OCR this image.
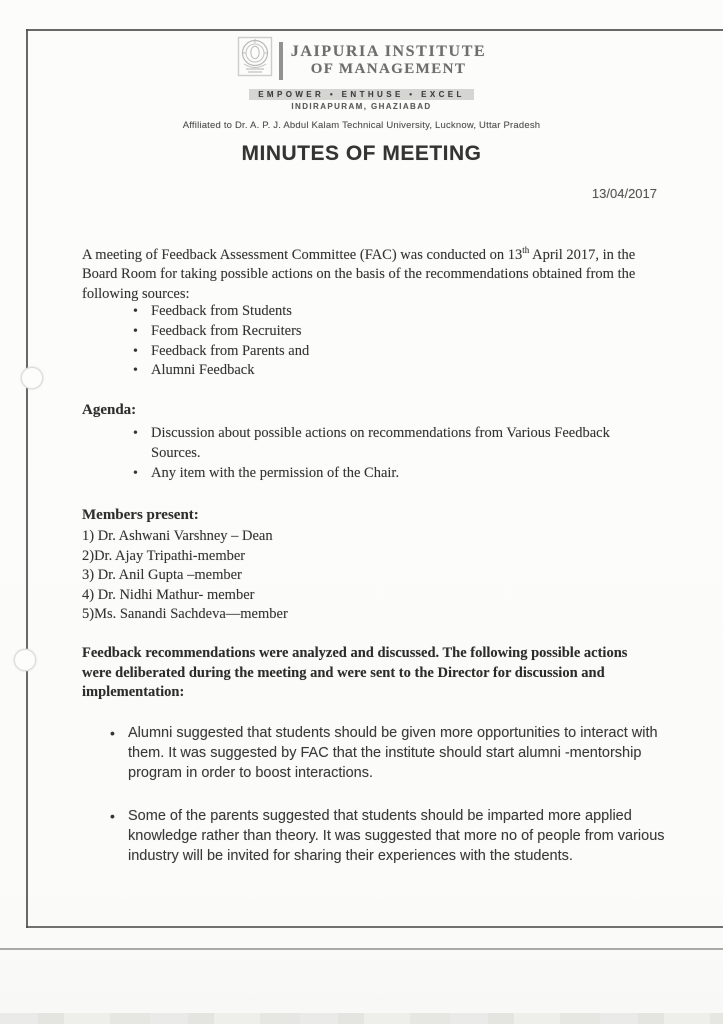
JAIPURIA INSTITUTE
OF MANAGEMENT
EMPOWER • ENTHUSE • EXCEL
INDIRAPURAM, GHAZIABAD
Affiliated to Dr. A. P. J. Abdul Kalam Technical University, Lucknow, Uttar Pradesh
MINUTES OF MEETING
13/04/2017

A meeting of Feedback Assessment Committee (FAC) was conducted on 13th April 2017, in the Board Room for taking possible actions on the basis of the recommendations obtained from the following sources:

• Feedback from Students
• Feedback from Recruiters
• Feedback from Parents and
• Alumni Feedback
Agenda:
• Discussion about possible actions on recommendations from Various Feedback Sources.
• Any item with the permission of the Chair.
Members present:
1) Dr. Ashwani Varshney – Dean
2)Dr. Ajay Tripathi-member
3) Dr. Anil Gupta –member
4) Dr. Nidhi Mathur- member
5)Ms. Sanandi Sachdeva—member

Feedback recommendations were analyzed and discussed. The following possible actions were deliberated during the meeting and were sent to the Director for discussion and implementation:

• Alumni suggested that students should be given more opportunities to interact with them. It was suggested by FAC that the institute should start alumni -mentorship program in order to boost interactions.
• Some of the parents suggested that students should be imparted more applied knowledge rather than theory. It was suggested that more no of people from various industry will be invited for sharing their experiences with the students.
